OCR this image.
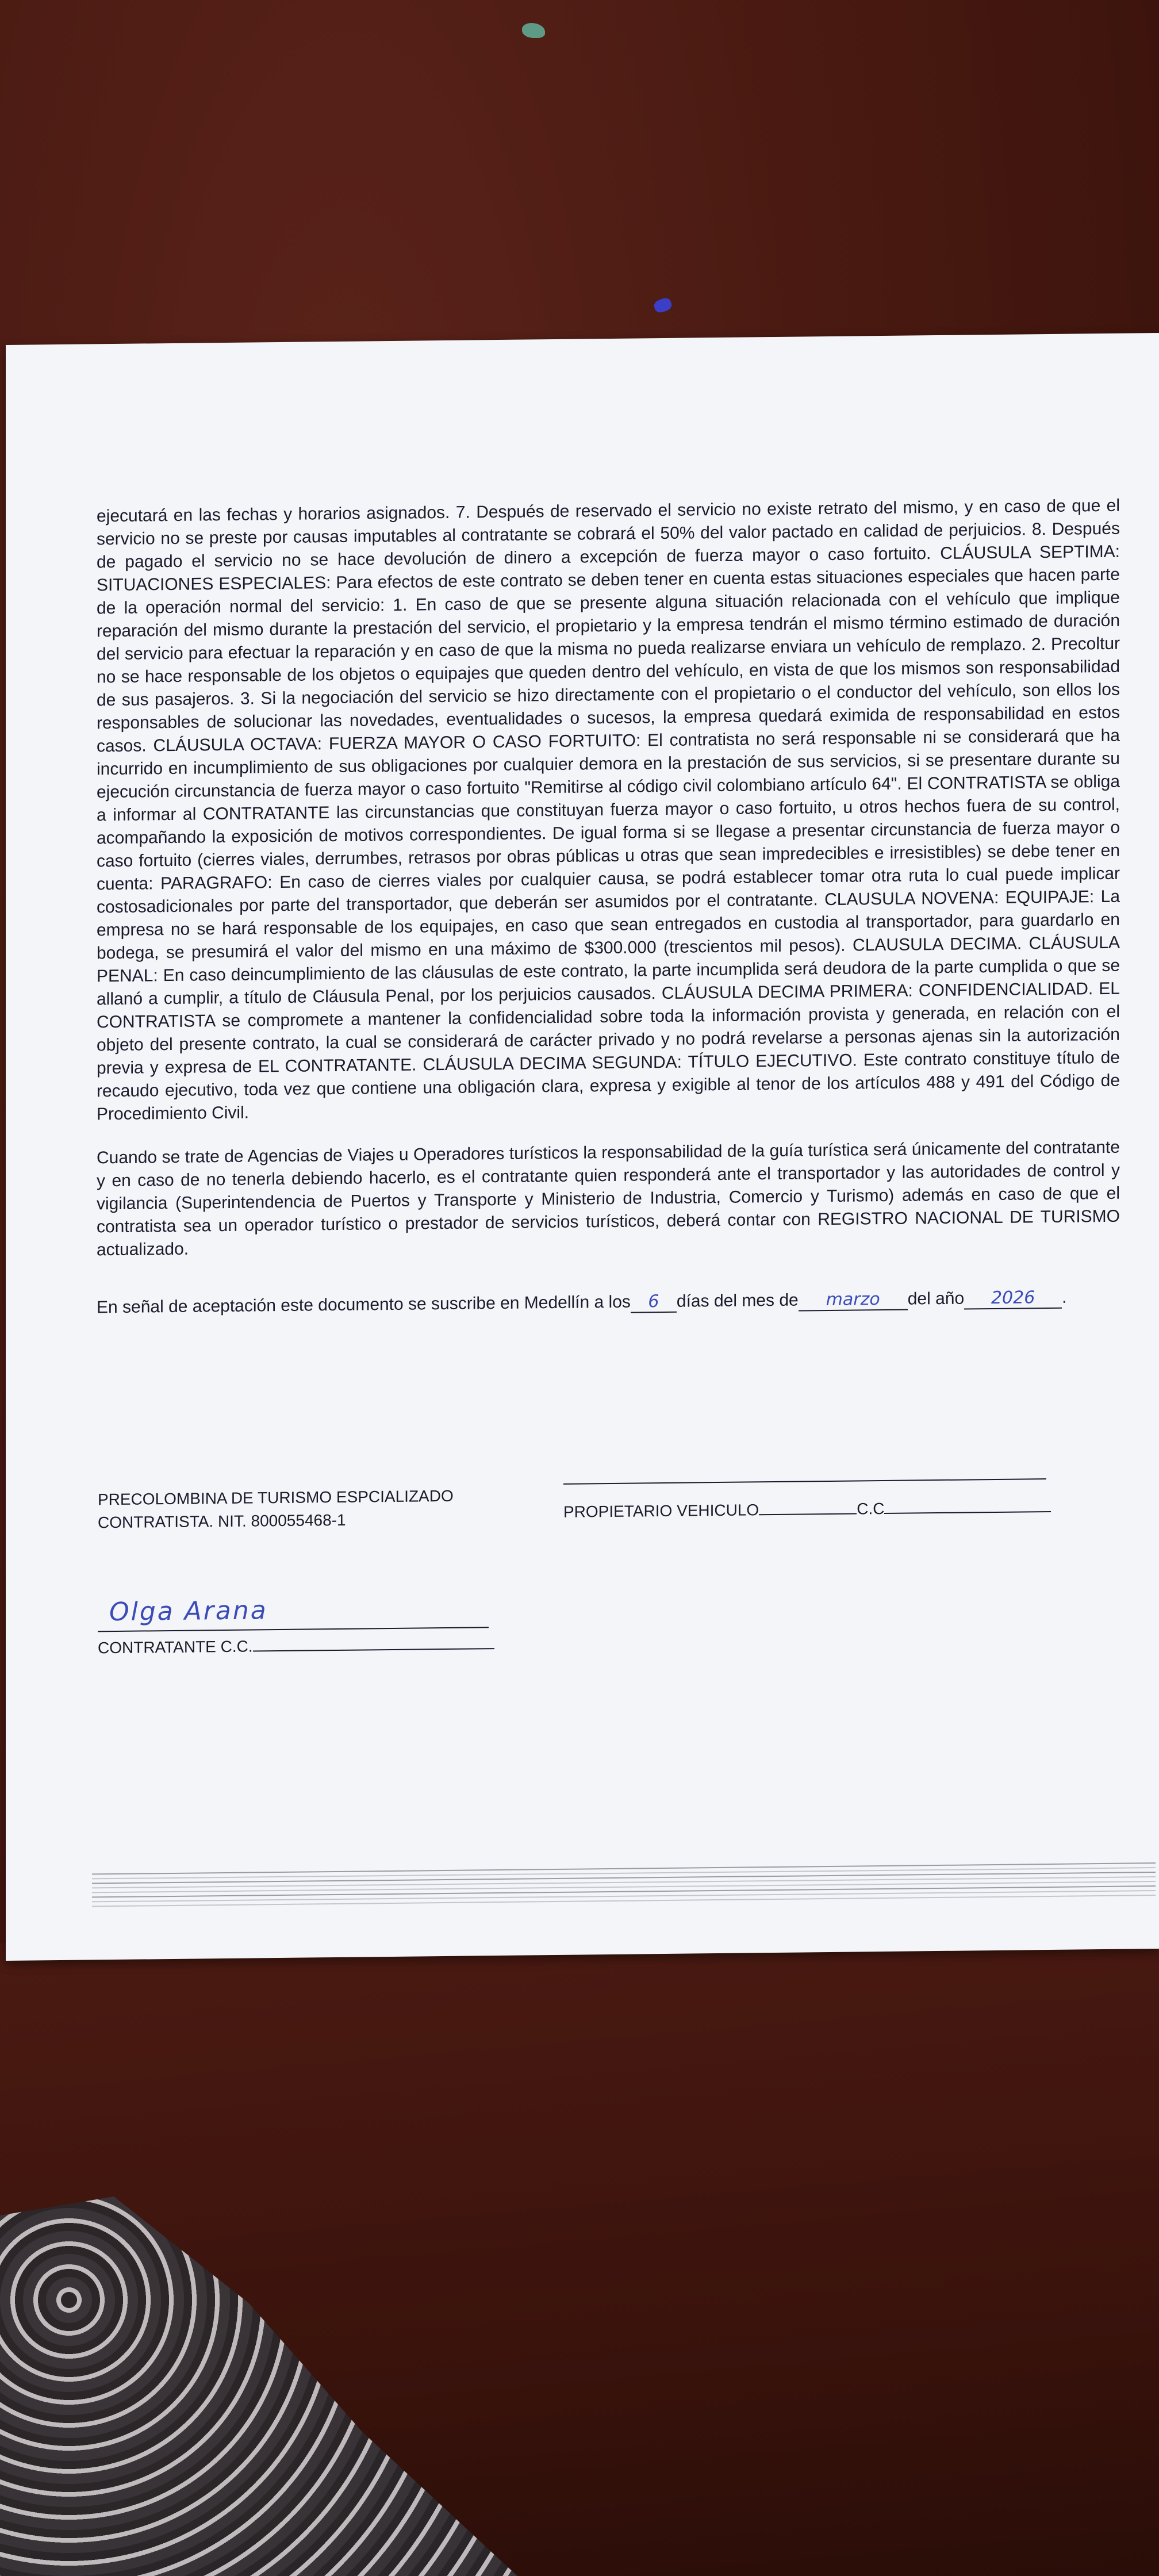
ejecutará en las fechas y horarios asignados. 7. Después de reservado el servicio no existe retrato del mismo, y en caso de que el servicio no se preste por causas imputables al contratante se cobrará el 50% del valor pactado en calidad de perjuicios. 8. Después de pagado el servicio no se hace devolución de dinero a excepción de fuerza mayor o caso fortuito. CLÁUSULA SEPTIMA: SITUACIONES ESPECIALES: Para efectos de este contrato se deben tener en cuenta estas situaciones especiales que hacen parte de la operación normal del servicio: 1. En caso de que se presente alguna situación relacionada con el vehículo que implique reparación del mismo durante la prestación del servicio, el propietario y la empresa tendrán el mismo término estimado de duración del servicio para efectuar la reparación y en caso de que la misma no pueda realizarse enviara un vehículo de remplazo. 2. Precoltur no se hace responsable de los objetos o equipajes que queden dentro del vehículo, en vista de que los mismos son responsabilidad de sus pasajeros. 3. Si la negociación del servicio se hizo directamente con el propietario o el conductor del vehículo, son ellos los responsables de solucionar las novedades, eventualidades o sucesos, la empresa quedará eximida de responsabilidad en estos casos. CLÁUSULA OCTAVA: FUERZA MAYOR O CASO FORTUITO: El contratista no será responsable ni se considerará que ha incurrido en incumplimiento de sus obligaciones por cualquier demora en la prestación de sus servicios, si se presentare durante su ejecución circunstancia de fuerza mayor o caso fortuito "Remitirse al código civil colombiano artículo 64". El CONTRATISTA se obliga a informar al CONTRATANTE las circunstancias que constituyan fuerza mayor o caso fortuito, u otros hechos fuera de su control, acompañando la exposición de motivos correspondientes. De igual forma si se llegase a presentar circunstancia de fuerza mayor o caso fortuito (cierres viales, derrumbes, retrasos por obras públicas u otras que sean impredecibles e irresistibles) se debe tener en cuenta: PARAGRAFO: En caso de cierres viales por cualquier causa, se podrá establecer tomar otra ruta lo cual puede implicar costosadicionales por parte del transportador, que deberán ser asumidos por el contratante. CLAUSULA NOVENA: EQUIPAJE: La empresa no se hará responsable de los equipajes, en caso que sean entregados en custodia al transportador, para guardarlo en bodega, se presumirá el valor del mismo en una máximo de $300.000 (trescientos mil pesos). CLAUSULA DECIMA. CLÁUSULA PENAL: En caso deincumplimiento de las cláusulas de este contrato, la parte incumplida será deudora de la parte cumplida o que se allanó a cumplir, a título de Cláusula Penal, por los perjuicios causados. CLÁUSULA DECIMA PRIMERA: CONFIDENCIALIDAD. EL CONTRATISTA se compromete a mantener la confidencialidad sobre toda la información provista y generada, en relación con el objeto del presente contrato, la cual se considerará de carácter privado y no podrá revelarse a personas ajenas sin la autorización previa y expresa de EL CONTRATANTE. CLÁUSULA DECIMA SEGUNDA: TÍTULO EJECUTIVO. Este contrato constituye título de recaudo ejecutivo, toda vez que contiene una obligación clara, expresa y exigible al tenor de los artículos 488 y 491 del Código de Procedimiento Civil.

Cuando se trate de Agencias de Viajes u Operadores turísticos la responsabilidad de la guía turística será únicamente del contratante y en caso de no tenerla debiendo hacerlo, es el contratante quien responderá ante el transportador y las autoridades de control y vigilancia (Superintendencia de Puertos y Transporte y Ministerio de Industria, Comercio y Turismo) además en caso de que el contratista sea un operador turístico o prestador de servicios turísticos, deberá contar con REGISTRO NACIONAL DE TURISMO actualizado.

En señal de aceptación este documento se suscribe en Medellín a los 6 días del mes de marzo del año 2026 .

PRECOLOMBINA DE TURISMO ESPCIALIZADO
CONTRATISTA. NIT. 800055468-1
PROPIETARIO VEHICULO	C.C
Olga Arana
CONTRATANTE C.C.
